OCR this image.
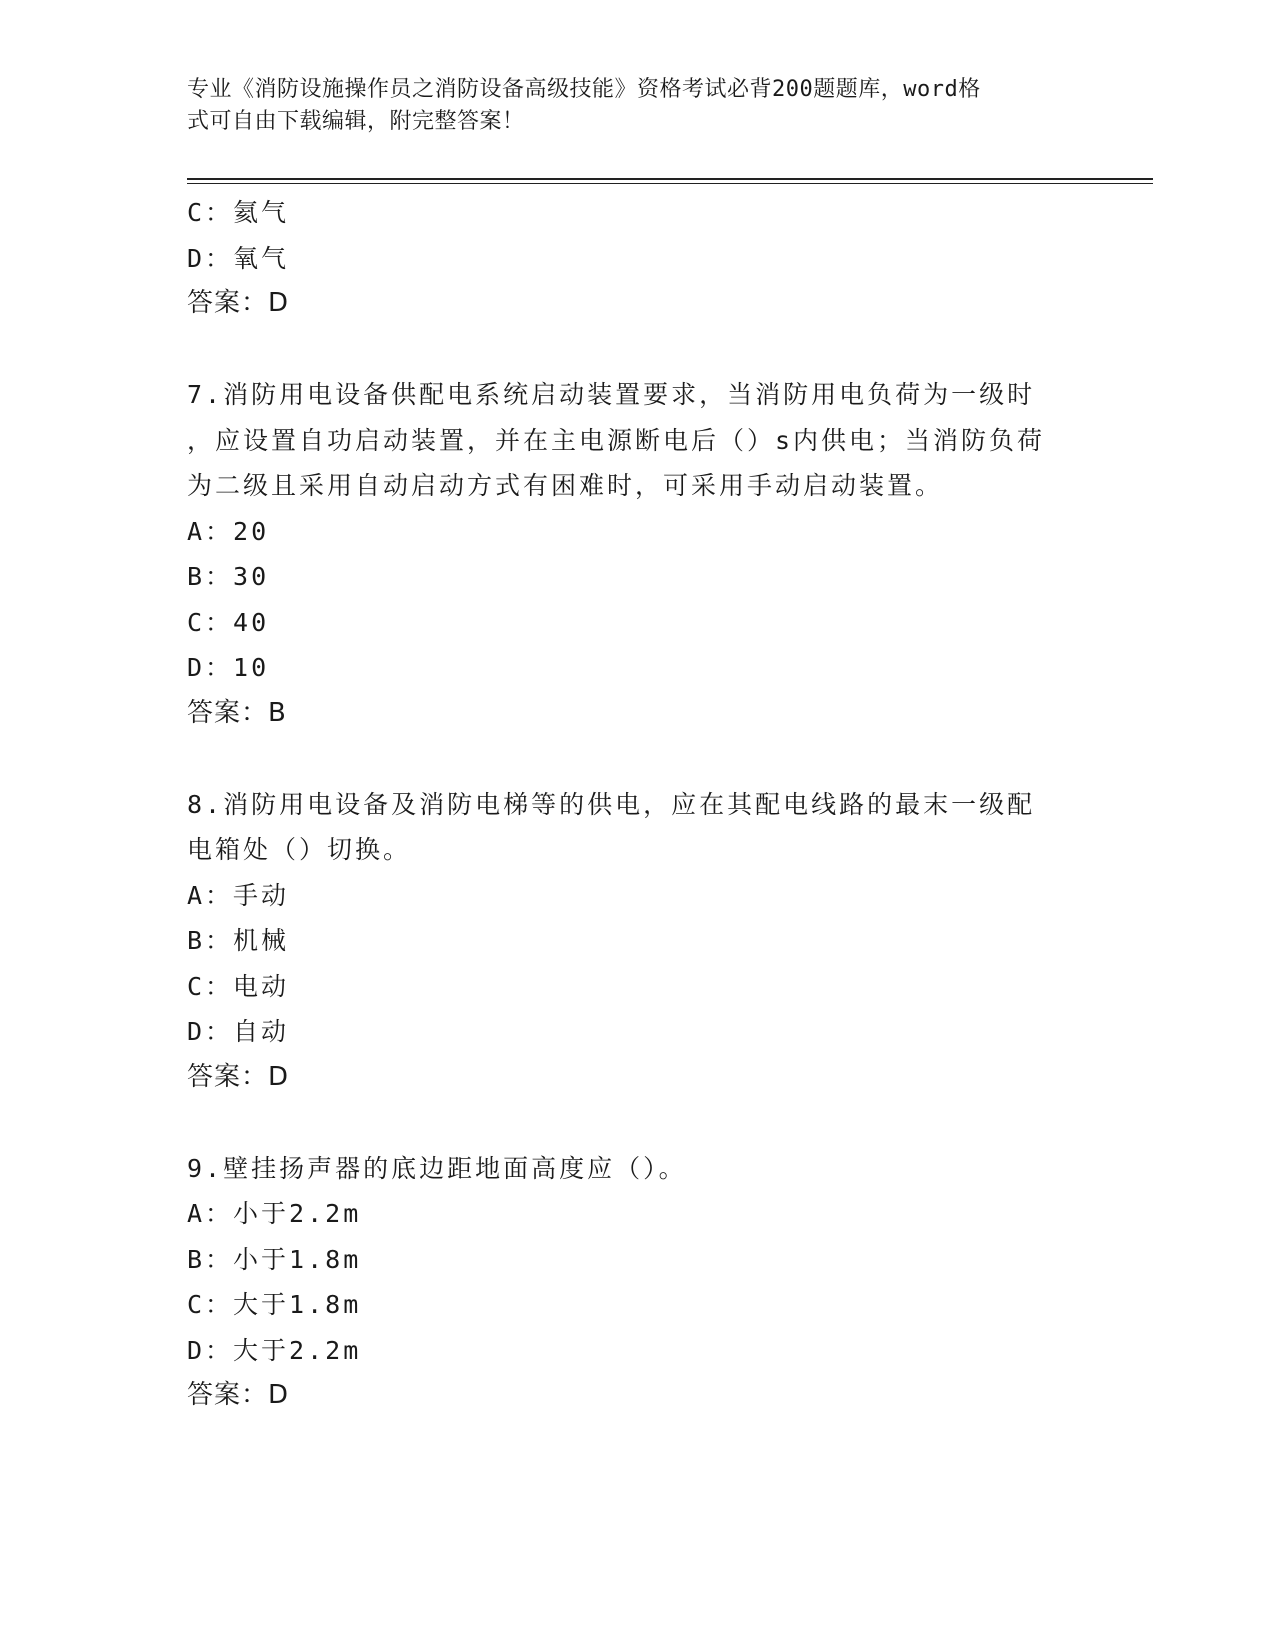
专业《消防设施操作员之消防设备高级技能》资格考试必背200题题库，word格
式可自由下载编辑，附完整答案！
C：氦气
D：氧气
答案：D
7.消防用电设备供配电系统启动装置要求，当消防用电负荷为一级时
，应设置自功启动装置，并在主电源断电后（）s内供电；当消防负荷
为二级且采用自动启动方式有困难时，可采用手动启动装置。
A：20
B：30
C：40
D：10
答案：B
8.消防用电设备及消防电梯等的供电，应在其配电线路的最末一级配
电箱处（）切换。
A：手动
B：机械
C：电动
D：自动
答案：D
9.壁挂扬声器的底边距地面高度应（）。
A：小于2.2m
B：小于1.8m
C：大于1.8m
D：大于2.2m
答案：D
